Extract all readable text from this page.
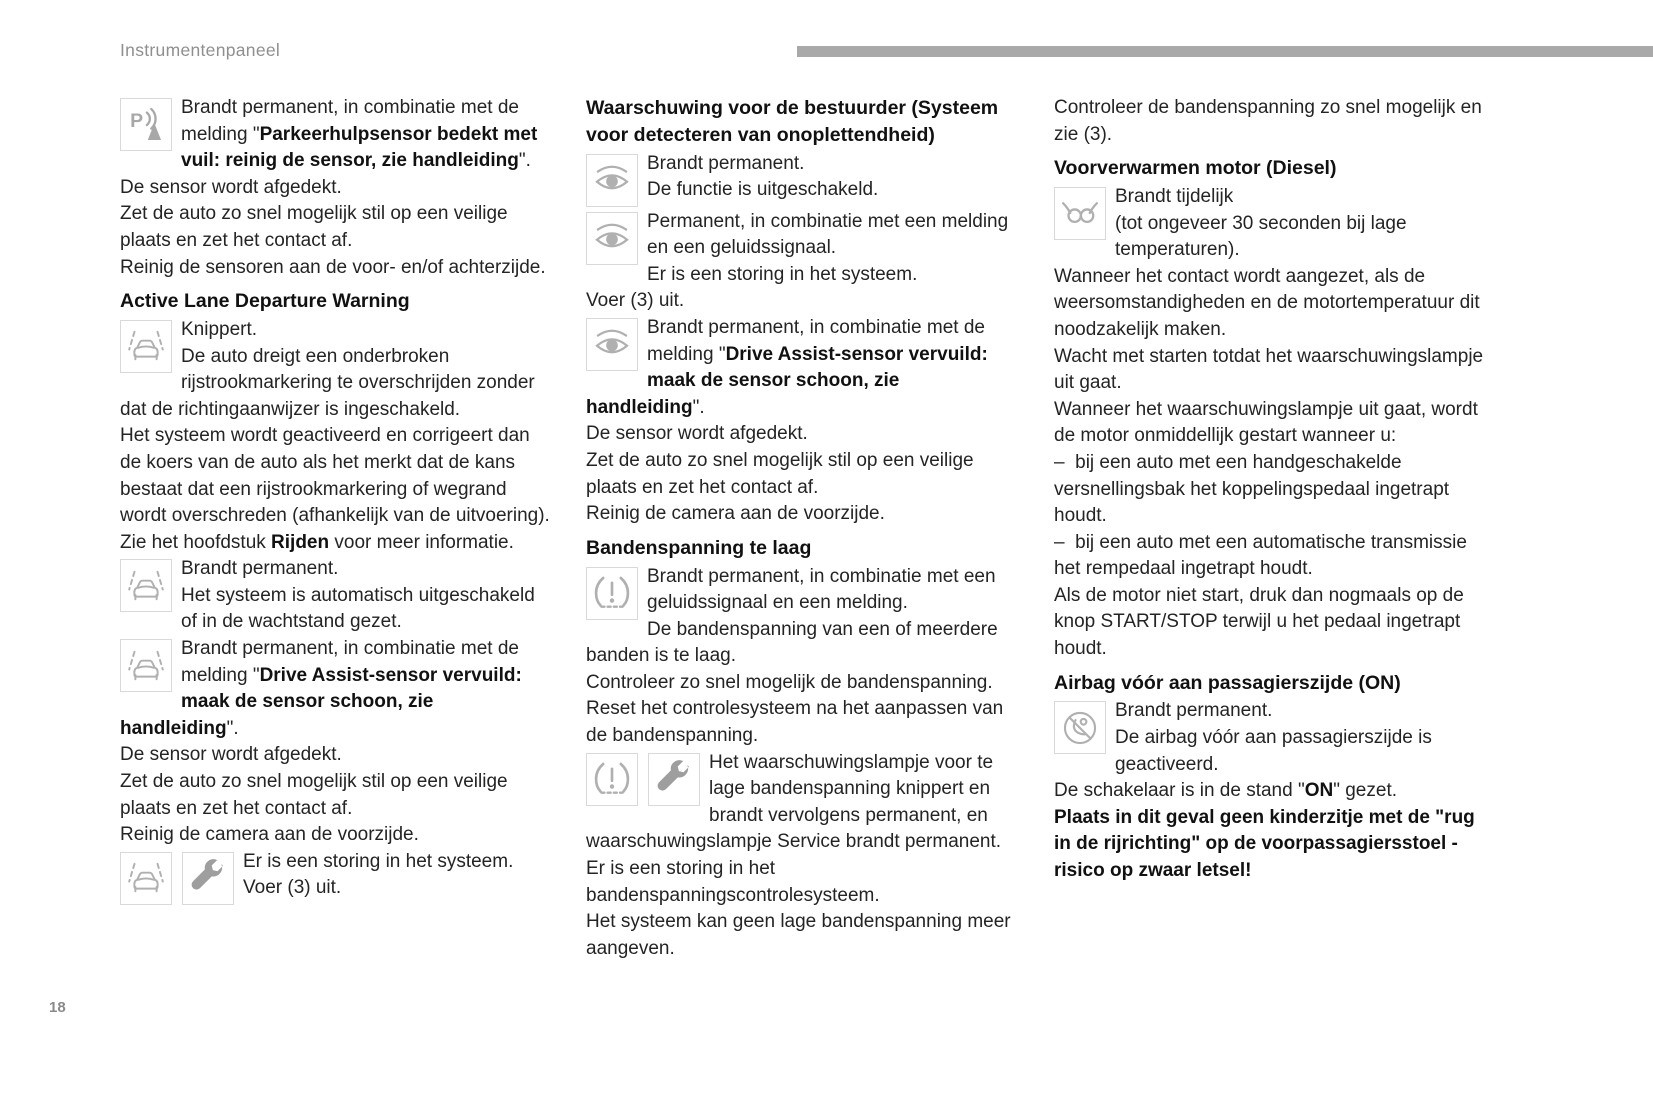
Instrumentenpaneel
P

Brandt permanent, in combinatie met de melding "Parkeerhulpsensor bedekt met vuil: reinig de sensor, zie handleiding".

De sensor wordt afgedekt.

Zet de auto zo snel mogelijk stil op een veilige plaats en zet het contact af.

Reinig de sensoren aan de voor- en/of achterzijde.

Active Lane Departure Warning

Knippert.

De auto dreigt een onderbroken rijstrookmarkering te overschrijden zonder dat de richtingaanwijzer is ingeschakeld.

Het systeem wordt geactiveerd en corrigeert dan de koers van de auto als het merkt dat de kans bestaat dat een rijstrookmarkering of wegrand wordt overschreden (afhankelijk van de uitvoering).

Zie het hoofdstuk Rijden voor meer informatie.

Brandt permanent.

Het systeem is automatisch uitgeschakeld of in de wachtstand gezet.

Brandt permanent, in combinatie met de melding "Drive Assist-sensor vervuild: maak de sensor schoon, zie handleiding".

De sensor wordt afgedekt.

Zet de auto zo snel mogelijk stil op een veilige plaats en zet het contact af.

Reinig de camera aan de voorzijde.

Er is een storing in het systeem.

Voer (3) uit.

Waarschuwing voor de bestuurder (Systeem voor detecteren van onoplettendheid)

Brandt permanent.

De functie is uitgeschakeld.

Permanent, in combinatie met een melding en een geluidssignaal.

Er is een storing in het systeem.

Voer (3) uit.

Brandt permanent, in combinatie met de melding "Drive Assist-sensor vervuild: maak de sensor schoon, zie handleiding".

De sensor wordt afgedekt.

Zet de auto zo snel mogelijk stil op een veilige plaats en zet het contact af.

Reinig de camera aan de voorzijde.

Bandenspanning te laag

Brandt permanent, in combinatie met een geluidssignaal en een melding.

De bandenspanning van een of meerdere banden is te laag.

Controleer zo snel mogelijk de bandenspanning.

Reset het controlesysteem na het aanpassen van de bandenspanning.

Het waarschuwingslampje voor te lage bandenspanning knippert en brandt vervolgens permanent, en waarschuwingslampje Service brandt permanent.

Er is een storing in het bandenspanningscontrolesysteem.

Het systeem kan geen lage bandenspanning meer aangeven.

Controleer de bandenspanning zo snel mogelijk en zie (3).

Voorverwarmen motor (Diesel)

Brandt tijdelijk

(tot ongeveer 30 seconden bij lage temperaturen).

Wanneer het contact wordt aangezet, als de weersomstandigheden en de motortemperatuur dit noodzakelijk maken.

Wacht met starten totdat het waarschuwingslampje uit gaat.

Wanneer het waarschuwingslampje uit gaat, wordt de motor onmiddellijk gestart wanneer u:

–  bij een auto met een handgeschakelde versnellingsbak het koppelingspedaal ingetrapt houdt.

–  bij een auto met een automatische transmissie het rempedaal ingetrapt houdt.

Als de motor niet start, druk dan nogmaals op de knop START/STOP terwijl u het pedaal ingetrapt houdt.

Airbag vóór aan passagierszijde (ON)

Brandt permanent.

De airbag vóór aan passagierszijde is geactiveerd.

De schakelaar is in de stand "ON" gezet.

Plaats in dit geval geen kinderzitje met de "rug in de rijrichting" op de voorpassagiersstoel - risico op zwaar letsel!

18
